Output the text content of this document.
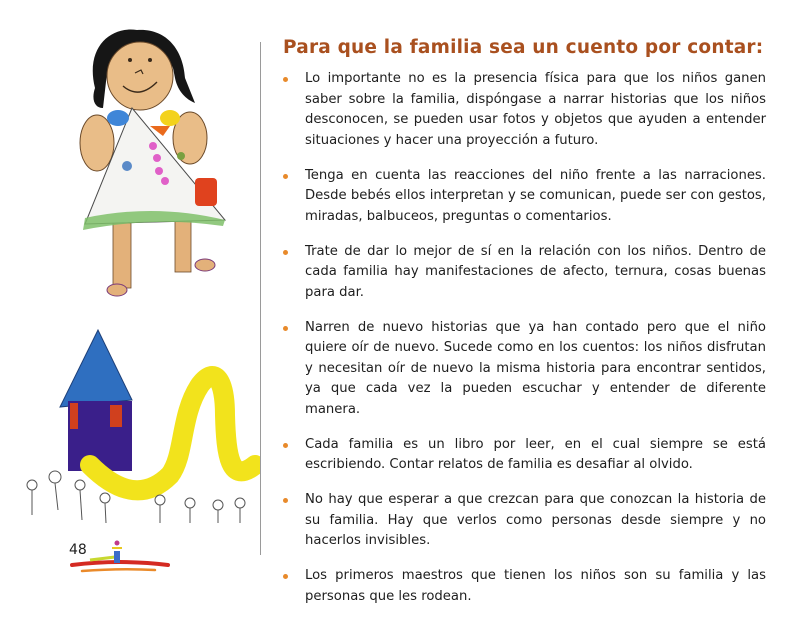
Para que la familia sea un cuento por contar:
Lo importante no es la presencia física para que los niños ganen saber sobre la familia, dispóngase a narrar historias que los niños desconocen, se pueden usar fotos y objetos que ayuden a entender situaciones y hacer una proyección a futuro.
Tenga en cuenta las reacciones del niño frente a las narraciones. Desde bebés ellos interpretan y se comunican, puede ser con gestos, miradas, balbuceos, preguntas o comentarios.
Trate de dar lo mejor de sí en la relación con los niños. Dentro de cada familia hay manifestaciones de afecto, ternura, cosas buenas para dar.
Narren de nuevo historias que ya han contado pero que el niño quiere oír de nuevo. Sucede como en los cuentos: los niños disfrutan y necesitan oír de nuevo la misma historia para encontrar sentidos, ya que cada vez la pueden escuchar y entender de diferente manera.
Cada familia es un libro por leer, en el cual siempre se está escribiendo. Contar relatos de familia es desafiar al olvido.
No hay que esperar a que crezcan para que conozcan la historia de su familia. Hay que verlos como personas desde siempre y no hacerlos invisibles.
Los primeros maestros que tienen los niños son su familia y las personas que les rodean.
48
